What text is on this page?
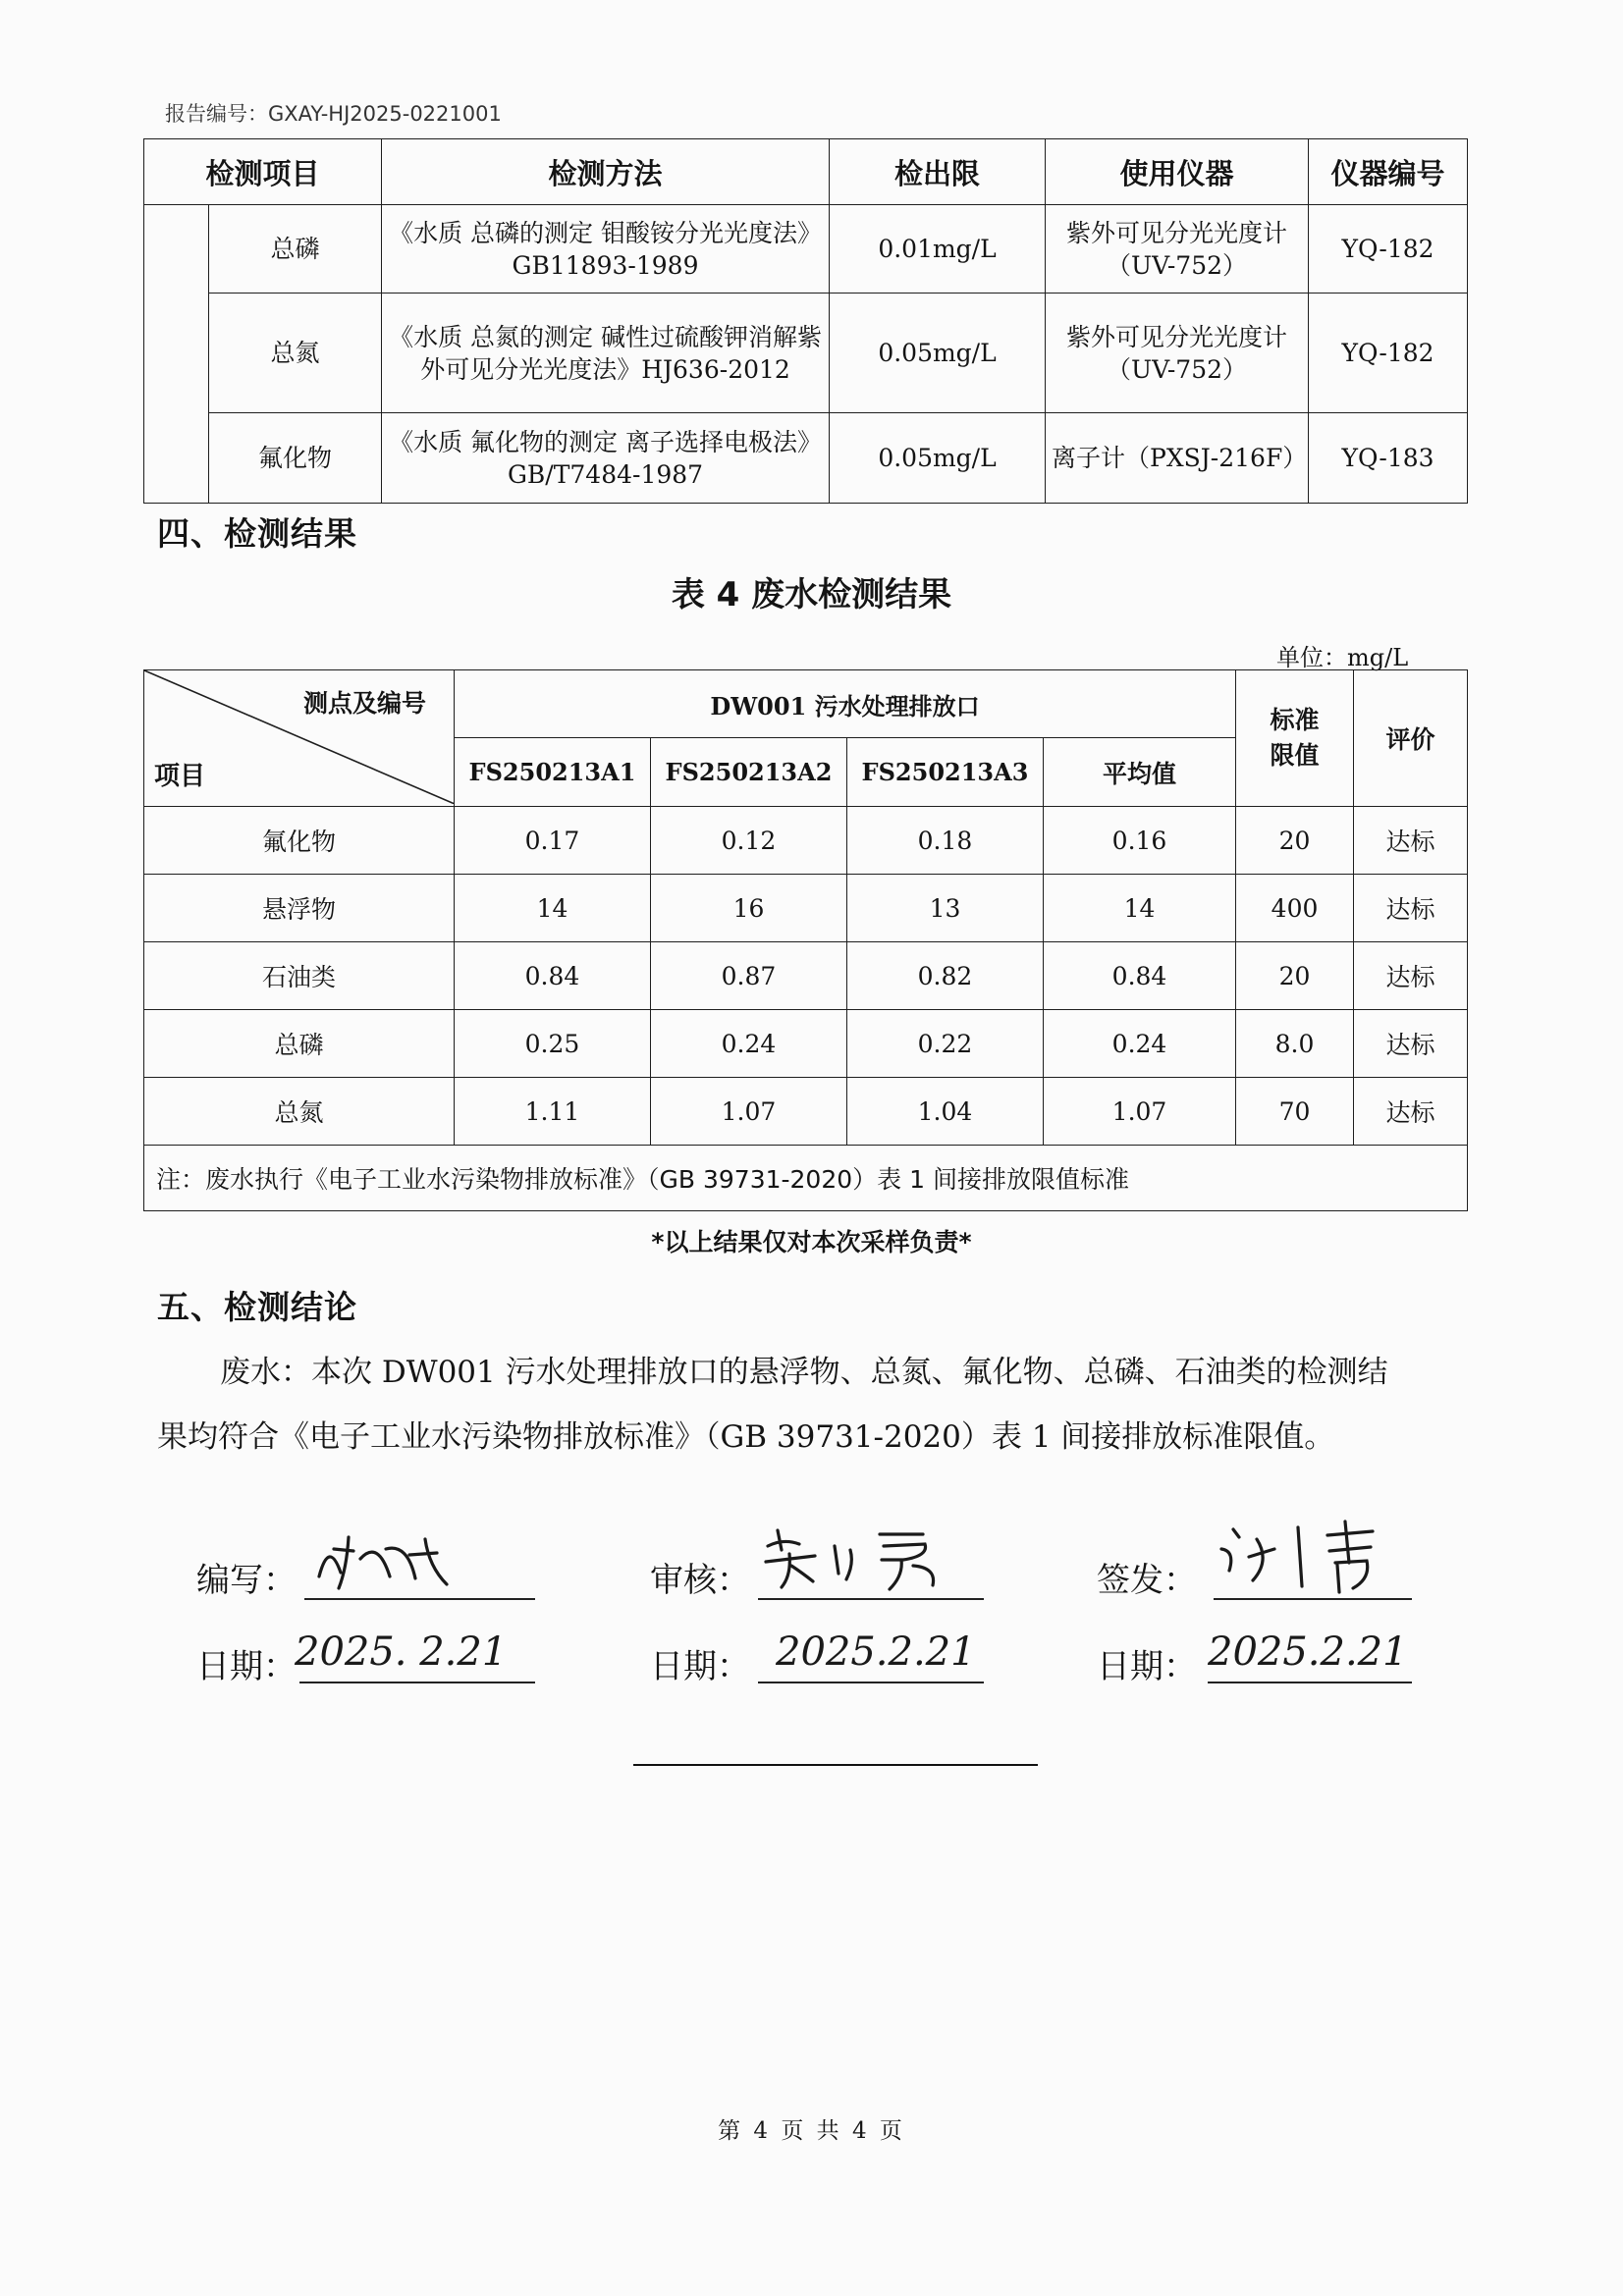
报告编号：GXAY-HJ2025-0221001
检测项目		检测方法	检出限	使用仪器	仪器编号
	总磷	《水质 总磷的测定 钼酸铵分光光度法》GB11893-1989	0.01mg/L	紫外可见分光光度计（UV-752）	YQ-182
	总氮	《水质 总氮的测定 碱性过硫酸钾消解紫外可见分光光度法》HJ636-2012	0.05mg/L	紫外可见分光光度计（UV-752）	YQ-182
	氟化物	《水质 氟化物的测定 离子选择电极法》GB/T7484-1987	0.05mg/L	离子计（PXSJ-216F）	YQ-183
四、检测结果
表 4 废水检测结果
单位：mg/L
测点及编号
项目	DW001 污水处理排放口				标准限值	评价
	FS250213A1	FS250213A2	FS250213A3	平均值		
氟化物	0.17	0.12	0.18	0.16	20	达标
悬浮物	14	16	13	14	400	达标
石油类	0.84	0.87	0.82	0.84	20	达标
总磷	0.25	0.24	0.22	0.24	8.0	达标
总氮	1.11	1.07	1.04	1.07	70	达标
注：废水执行《电子工业水污染物排放标准》（GB 39731-2020）表 1 间接排放限值标准						
*以上结果仅对本次采样负责*
五、检测结论
废水：本次 DW001 污水处理排放口的悬浮物、总氮、氟化物、总磷、石油类的检测结
果均符合《电子工业水污染物排放标准》（GB 39731-2020）表 1 间接排放标准限值。
编写：	审核：	签发：
日期：
2025. 2.21	日期： 2025.2.21	日期： 2025.2.21
第 4 页 共 4 页
